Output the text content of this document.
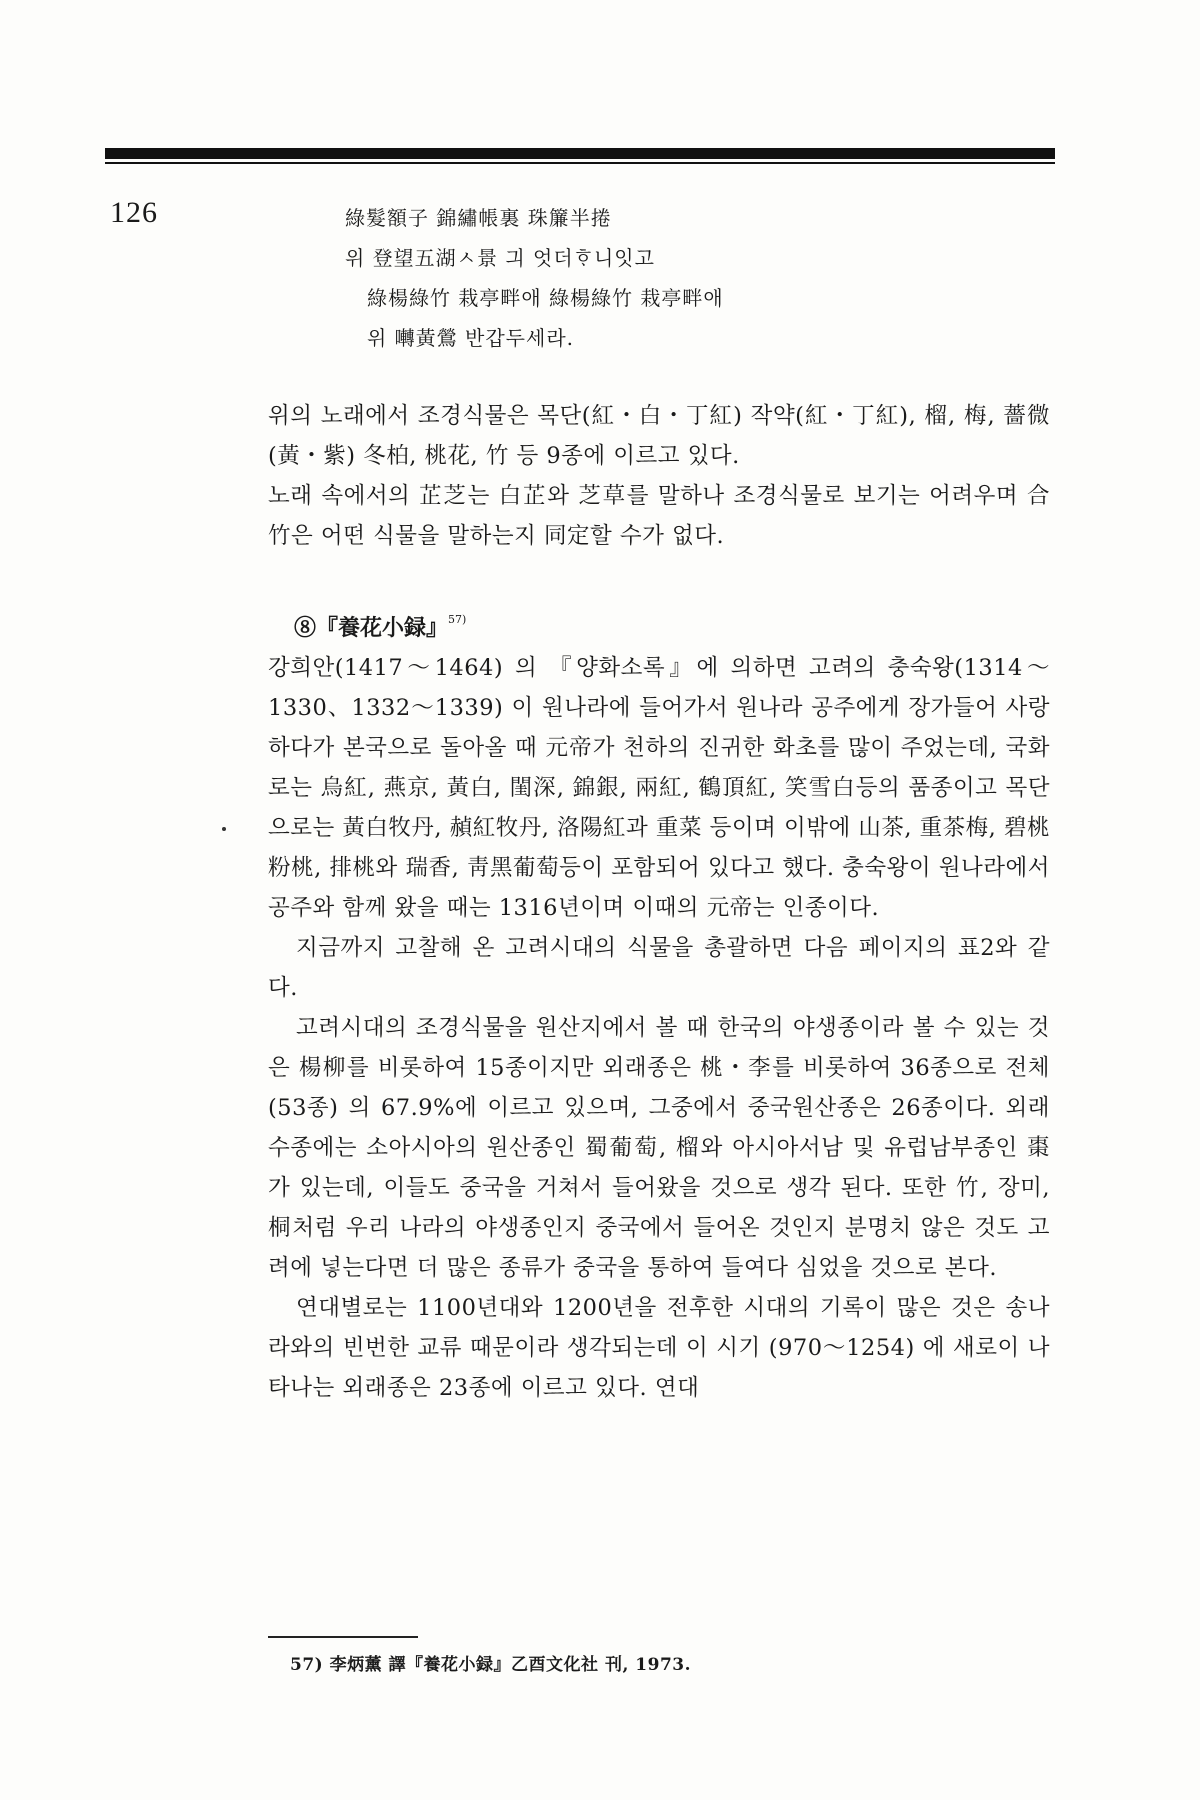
126	綠髮額子 錦繡帳裏 珠簾半捲
위 登望五湖ㅅ景 긔 엇더ᄒᆞ니잇고
綠楊綠竹 栽亭畔애 綠楊綠竹 栽亭畔애
위 囀黃鶯 반갑두세라.

위의 노래에서 조경식물은 목단(紅・白・丁紅) 작약(紅・丁紅), 榴, 梅, 薔微(黃・紫) 冬柏, 桃花, 竹 등 9종에 이르고 있다.

노래 속에서의 芷芝는 白芷와 芝草를 말하나 조경식물로 보기는 어려우며 合竹은 어떤 식물을 말하는지 同定할 수가 없다.

⑧『養花小録』$^{57)}$

강희안(1417～1464) 의 『양화소록』에 의하면 고려의 충숙왕(1314～1330、1332～1339) 이 원나라에 들어가서 원나라 공주에게 장가들어 사랑하다가 본국으로 돌아올 때 元帝가 천하의 진귀한 화초를 많이 주었는데, 국화로는 烏紅, 燕京, 黃白, 閨深, 錦銀, 兩紅, 鶴頂紅, 笑雪白등의 품종이고 목단으로는 黃白牧丹, 赬紅牧丹, 洛陽紅과 重菜 등이며 이밖에 山茶, 重茶梅, 碧桃 粉桃, 排桃와 瑞香, 靑黑葡萄등이 포함되어 있다고 했다. 충숙왕이 원나라에서 공주와 함께 왔을 때는 1316년이며 이때의 元帝는 인종이다.

지금까지 고찰해 온 고려시대의 식물을 총괄하면 다음 페이지의 표2와 같다.

고려시대의 조경식물을 원산지에서 볼 때 한국의 야생종이라 볼 수 있는 것은 楊柳를 비롯하여 15종이지만 외래종은 桃・李를 비롯하여 36종으로 전체(53종) 의 67.9%에 이르고 있으며, 그중에서 중국원산종은 26종이다. 외래수종에는 소아시아의 원산종인 蜀葡萄, 榴와 아시아서남 및 유럽남부종인 棗가 있는데, 이들도 중국을 거쳐서 들어왔을 것으로 생각 된다. 또한 竹, 장미, 桐처럼 우리 나라의 야생종인지 중국에서 들어온 것인지 분명치 않은 것도 고려에 넣는다면 더 많은 종류가 중국을 통하여 들여다 심었을 것으로 본다.

연대별로는 1100년대와 1200년을 전후한 시대의 기록이 많은 것은 송나라와의 빈번한 교류 때문이라 생각되는데 이 시기 (970～1254) 에 새로이 나타나는 외래종은 23종에 이르고 있다. 연대

57) 李炳薰 譯『養花小録』乙酉文化社 刊, 1973.
